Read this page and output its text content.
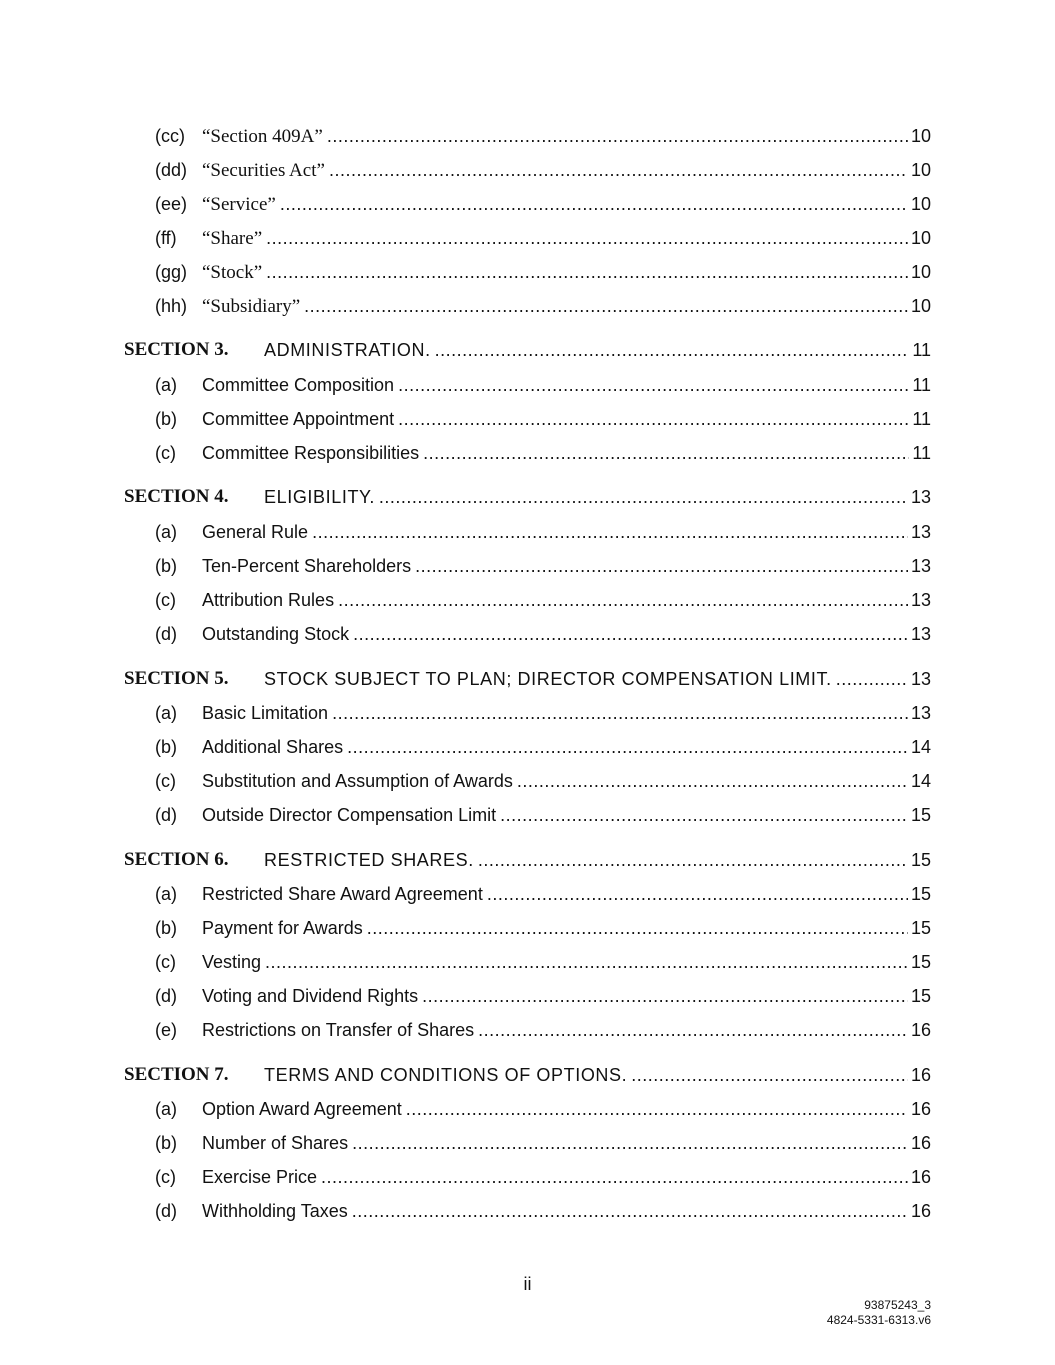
(cc) “Section 409A” .....	10
(dd) “Securities Act” .....	10
(ee) “Service” .....	10
(ff) “Share” .....	10
(gg) “Stock” .....	10
(hh) “Subsidiary” .....	10
SECTION 3. ADMINISTRATION. .....	11
(a) Committee Composition .....	11
(b) Committee Appointment .....	11
(c) Committee Responsibilities .....	11
SECTION 4. ELIGIBILITY. .....	13
(a) General Rule .....	13
(b) Ten-Percent Shareholders .....	13
(c) Attribution Rules .....	13
(d) Outstanding Stock .....	13
SECTION 5. STOCK SUBJECT TO PLAN; DIRECTOR COMPENSATION LIMIT. .....	13
(a) Basic Limitation .....	13
(b) Additional Shares .....	14
(c) Substitution and Assumption of Awards .....	14
(d) Outside Director Compensation Limit .....	15
SECTION 6. RESTRICTED SHARES. .....	15
(a) Restricted Share Award Agreement .....	15
(b) Payment for Awards .....	15
(c) Vesting .....	15
(d) Voting and Dividend Rights .....	15
(e) Restrictions on Transfer of Shares .....	16
SECTION 7. TERMS AND CONDITIONS OF OPTIONS. .....	16
(a) Option Award Agreement .....	16
(b) Number of Shares .....	16
(c) Exercise Price .....	16
(d) Withholding Taxes .....	16
ii
93875243_3
4824-5331-6313.v6
